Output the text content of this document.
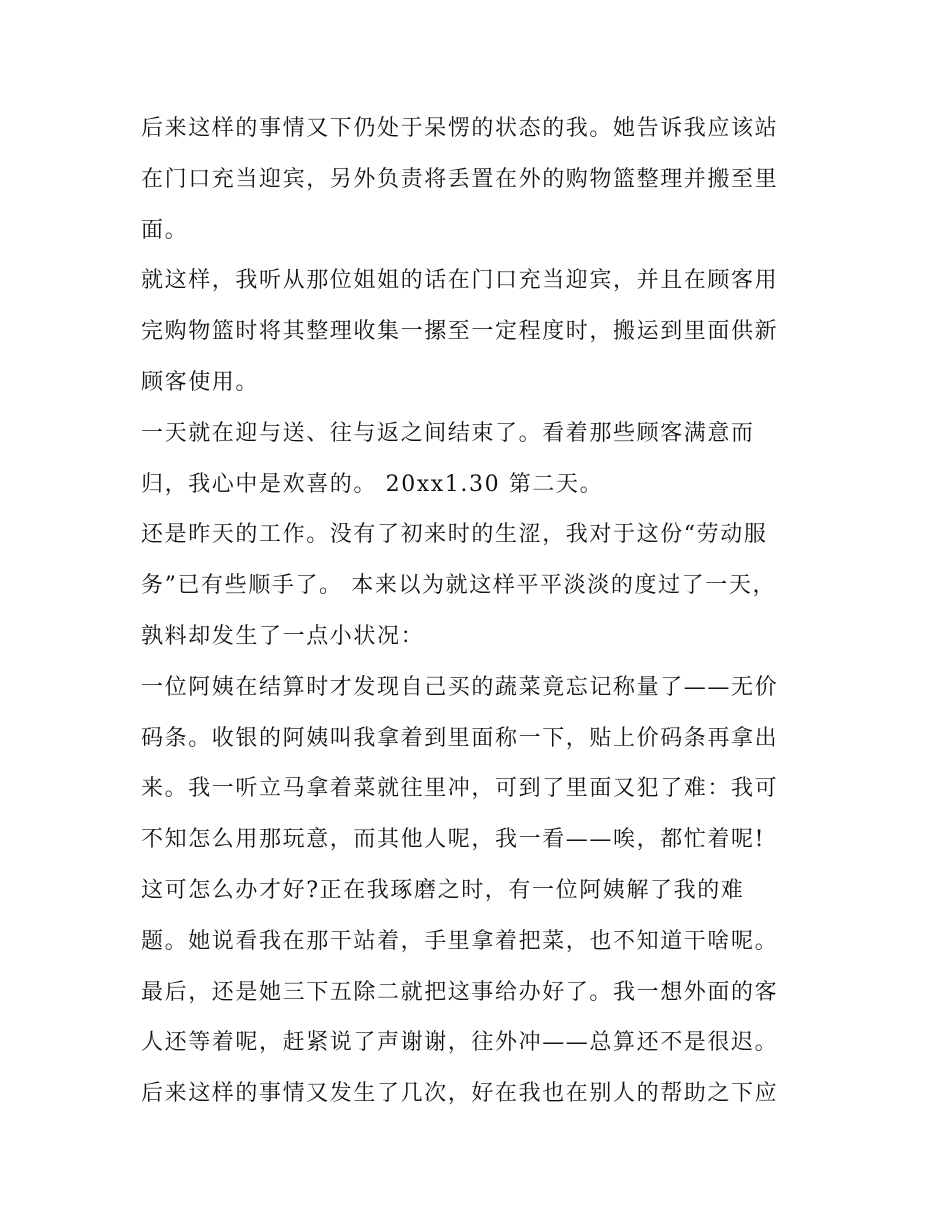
后来这样的事情又下仍处于呆愣的状态的我。她告诉我应该站
在门口充当迎宾，另外负责将丢置在外的购物篮整理并搬至里
面。
就这样，我听从那位姐姐的话在门口充当迎宾，并且在顾客用
完购物篮时将其整理收集一摞至一定程度时，搬运到里面供新
顾客使用。
一天就在迎与送、往与返之间结束了。看着那些顾客满意而
归，我心中是欢喜的。 20xx1.30 第二天。
还是昨天的工作。没有了初来时的生涩，我对于这份“劳动服
务”已有些顺手了。 本来以为就这样平平淡淡的度过了一天，
孰料却发生了一点小状况：
一位阿姨在结算时才发现自己买的蔬菜竟忘记称量了——无价
码条。收银的阿姨叫我拿着到里面称一下，贴上价码条再拿出
来。我一听立马拿着菜就往里冲，可到了里面又犯了难：我可
不知怎么用那玩意，而其他人呢，我一看——唉，都忙着呢!
这可怎么办才好?正在我琢磨之时，有一位阿姨解了我的难
题。她说看我在那干站着，手里拿着把菜，也不知道干啥呢。
最后，还是她三下五除二就把这事给办好了。我一想外面的客
人还等着呢，赶紧说了声谢谢，往外冲——总算还不是很迟。
后来这样的事情又发生了几次，好在我也在别人的帮助之下应
